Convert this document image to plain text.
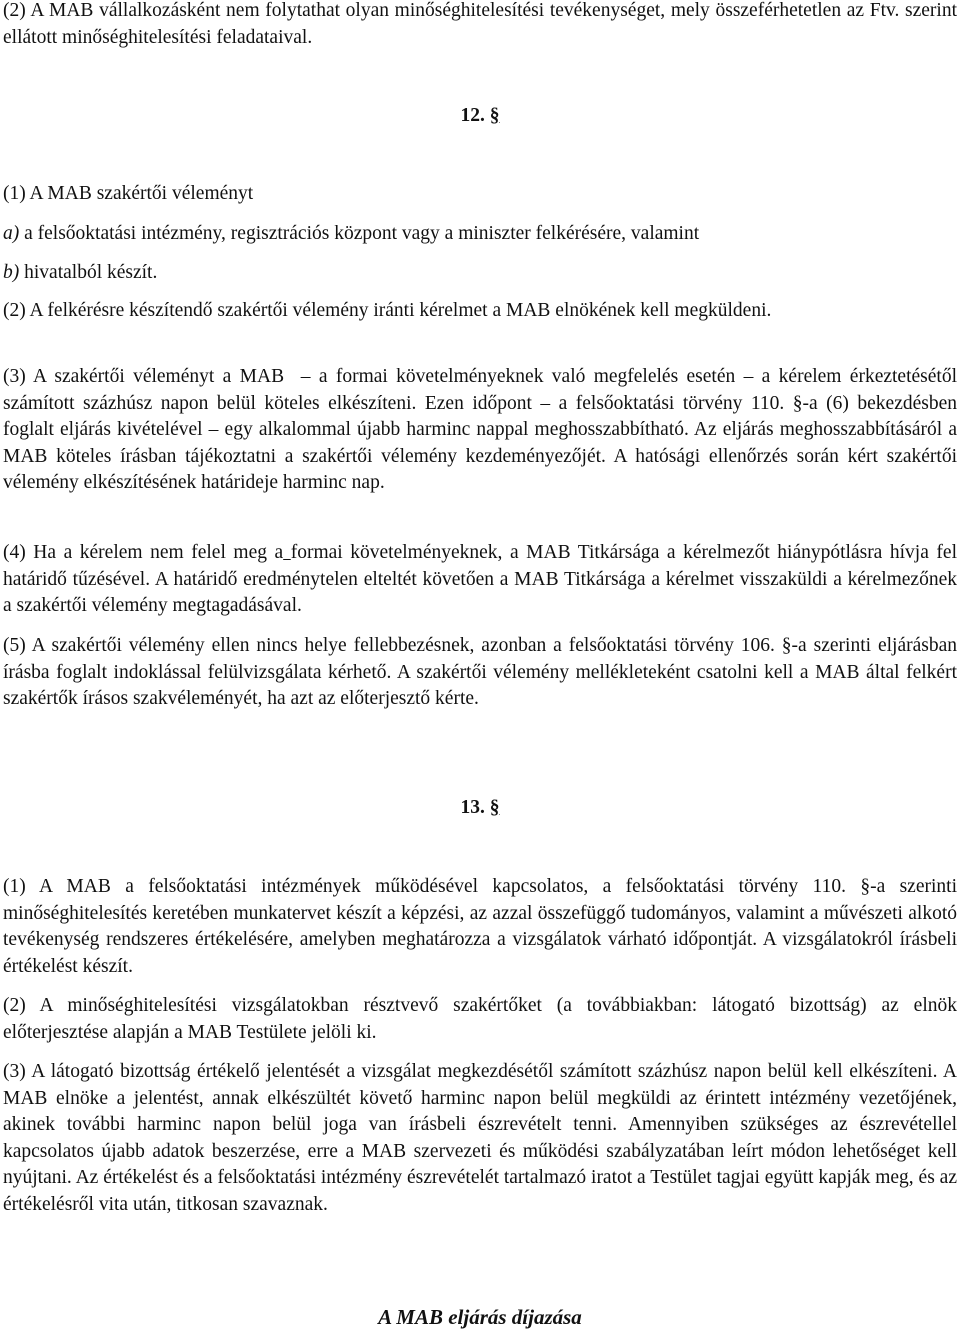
(2) A MAB vállalkozásként nem folytathat olyan minőséghitelesítési tevékenységet, mely összeférhetetlen az Ftv. szerint ellátott minőséghitelesítési feladataival.

12. §

(1) A MAB szakértői véleményt

a) a felsőoktatási intézmény, regisztrációs központ vagy a miniszter felkérésére, valamint

b) hivatalból készít.

(2) A felkérésre készítendő szakértői vélemény iránti kérelmet a MAB elnökének kell megküldeni.

(3) A szakértői véleményt a MAB  – a formai követelményeknek való megfelelés esetén – a kérelem érkeztetésétől számított százhúsz napon belül köteles elkészíteni. Ezen időpont – a felsőoktatási törvény 110. §-a (6) bekezdésben foglalt eljárás kivételével – egy alkalommal újabb harminc nappal meghosszabbítható. Az eljárás meghosszabbításáról a MAB köteles írásban tájékoztatni a szakértői vélemény kezdeményezőjét. A hatósági ellenőrzés során kért szakértői vélemény elkészítésének határideje harminc nap.

(4) Ha a kérelem nem felel meg a formai követelményeknek, a MAB Titkársága a kérelmezőt hiánypótlásra hívja fel határidő tűzésével. A határidő eredménytelen elteltét követően a MAB Titkársága a kérelmet visszaküldi a kérelmezőnek a szakértői vélemény megtagadásával.

(5) A szakértői vélemény ellen nincs helye fellebbezésnek, azonban a felsőoktatási törvény 106. §-a szerinti eljárásban írásba foglalt indoklással felülvizsgálata kérhető. A szakértői vélemény mellékleteként csatolni kell a MAB által felkért szakértők írásos szakvéleményét, ha azt az előterjesztő kérte.

13. §

(1) A MAB a felsőoktatási intézmények működésével kapcsolatos, a felsőoktatási törvény 110. §-a szerinti minőséghitelesítés keretében munkatervet készít a képzési, az azzal összefüggő tudományos, valamint a művészeti alkotó tevékenység rendszeres értékelésére, amelyben meghatározza a vizsgálatok várható időpontját. A vizsgálatokról írásbeli értékelést készít.

(2) A minőséghitelesítési vizsgálatokban résztvevő szakértőket (a továbbiakban: látogató bizottság) az elnök előterjesztése alapján a MAB Testülete jelöli ki.

(3) A látogató bizottság értékelő jelentését a vizsgálat megkezdésétől számított százhúsz napon belül kell elkészíteni. A MAB elnöke a jelentést, annak elkészültét követő harminc napon belül megküldi az érintett intézmény vezetőjének, akinek további harminc napon belül joga van írásbeli észrevételt tenni. Amennyiben szükséges az észrevétellel kapcsolatos újabb adatok beszerzése, erre a MAB szervezeti és működési szabályzatában leírt módon lehetőséget kell nyújtani. Az értékelést és a felsőoktatási intézmény észrevételét tartalmazó iratot a Testület tagjai együtt kapják meg, és az értékelésről vita után, titkosan szavaznak.

A MAB eljárás díjazása
